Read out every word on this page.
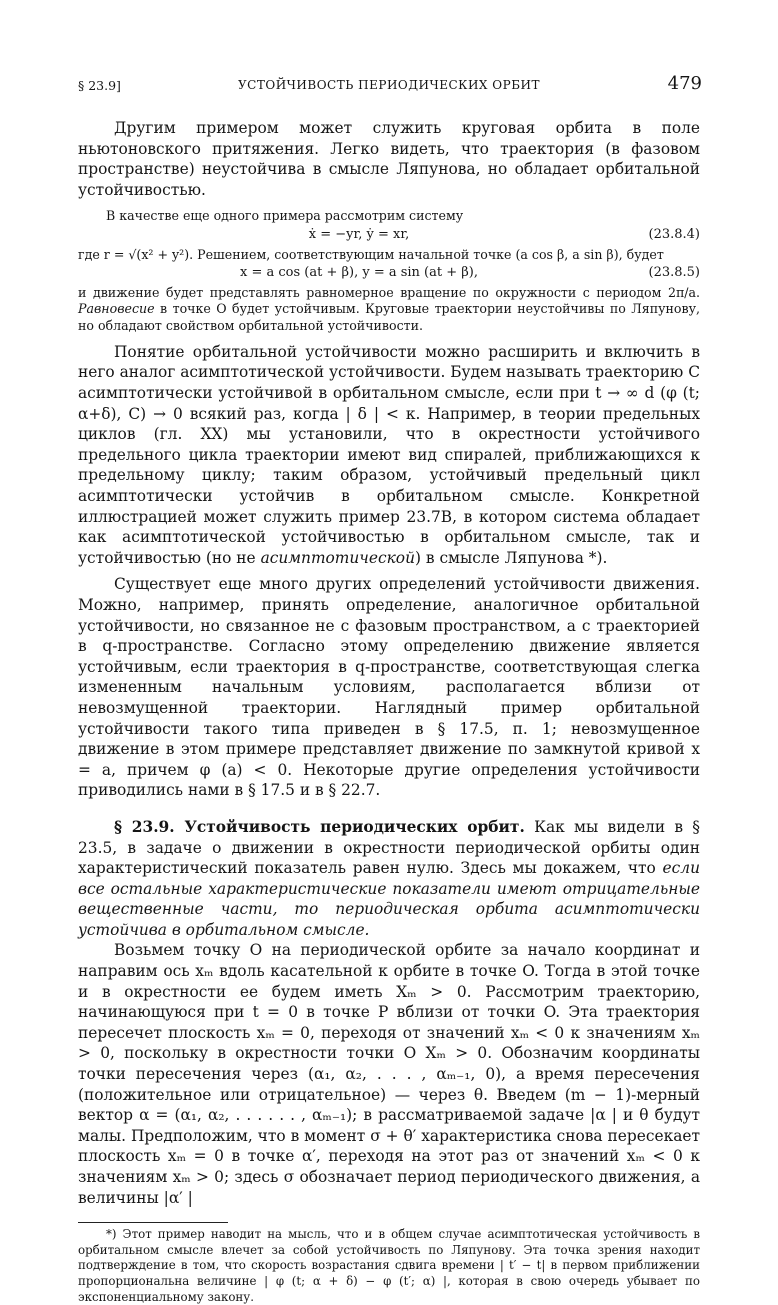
§ 23.9]	УСТОЙЧИВОСТЬ ПЕРИОДИЧЕСКИХ ОРБИТ	479

Другим примером может служить круговая орбита в поле ньютоновского притяжения. Легко видеть, что траектория (в фазовом пространстве) неустойчива в смысле Ляпунова, но обладает орбитальной устойчивостью.

В качестве еще одного примера рассмотрим систему

ẋ = −yr, ẏ = xr,	(23.8.4)

где r = √(x² + y²). Решением, соответствующим начальной точке (a cos β, a sin β), будет

x = a cos (at + β), y = a sin (at + β),	(23.8.5)

и движение будет представлять равномерное вращение по окружности с периодом 2π/a. Равновесие в точке O будет устойчивым. Круговые траектории неустойчивы по Ляпунову, но обладают свойством орбитальной устойчивости.

Понятие орбитальной устойчивости можно расширить и включить в него аналог асимптотической устойчивости. Будем называть траекторию C асимптотически устойчивой в орбитальном смысле, если при t → ∞ d (φ (t; α+δ), C) → 0 всякий раз, когда | δ | < κ. Например, в теории предельных циклов (гл. XX) мы установили, что в окрестности устойчивого предельного цикла траектории имеют вид спиралей, приближающихся к предельному циклу; таким образом, устойчивый предельный цикл асимптотически устойчив в орбитальном смысле. Конкретной иллюстрацией может служить пример 23.7B, в котором система обладает как асимптотической устойчивостью в орбитальном смысле, так и устойчивостью (но не асимптотической) в смысле Ляпунова *).

Существует еще много других определений устойчивости движения. Можно, например, принять определение, аналогичное орбитальной устойчивости, но связанное не с фазовым пространством, а с траекторией в q-пространстве. Согласно этому определению движение является устойчивым, если траектория в q-пространстве, соответствующая слегка измененным начальным условиям, располагается вблизи от невозмущенной траектории. Наглядный пример орбитальной устойчивости такого типа приведен в § 17.5, п. 1; невозмущенное движение в этом примере представляет движение по замкнутой кривой x = a, причем φ (a) < 0. Некоторые другие определения устойчивости приводились нами в § 17.5 и в § 22.7.

§ 23.9. Устойчивость периодических орбит. Как мы видели в § 23.5, в задаче о движении в окрестности периодической орбиты один характеристический показатель равен нулю. Здесь мы докажем, что если все остальные характеристические показатели имеют отрицательные вещественные части, то периодическая орбита асимптотически устойчива в орбитальном смысле.

Возьмем точку O на периодической орбите за начало координат и направим ось xₘ вдоль касательной к орбите в точке O. Тогда в этой точке и в окрестности ее будем иметь Xₘ > 0. Рассмотрим траекторию, начинающуюся при t = 0 в точке P вблизи от точки O. Эта траектория пересечет плоскость xₘ = 0, переходя от значений xₘ < 0 к значениям xₘ > 0, поскольку в окрестности точки O Xₘ > 0. Обозначим координаты точки пересечения через (α₁, α₂, . . . , αₘ₋₁, 0), а время пересечения (положительное или отрицательное) — через θ. Введем (m − 1)-мерный вектор α = (α₁, α₂, . . . . . . , αₘ₋₁); в рассматриваемой задаче |α | и θ будут малы. Предположим, что в момент σ + θ′ характеристика снова пересекает плоскость xₘ = 0 в точке α′, переходя на этот раз от значений xₘ < 0 к значениям xₘ > 0; здесь σ обозначает период периодического движения, а величины |α′ |

*) Этот пример наводит на мысль, что и в общем случае асимптотическая устойчивость в орбитальном смысле влечет за собой устойчивость по Ляпунову. Эта точка зрения находит подтверждение в том, что скорость возрастания сдвига времени | t′ − t| в первом приближении пропорциональна величине | φ (t; α + δ) − φ (t′; α) |, которая в свою очередь убывает по экспоненциальному закону.
